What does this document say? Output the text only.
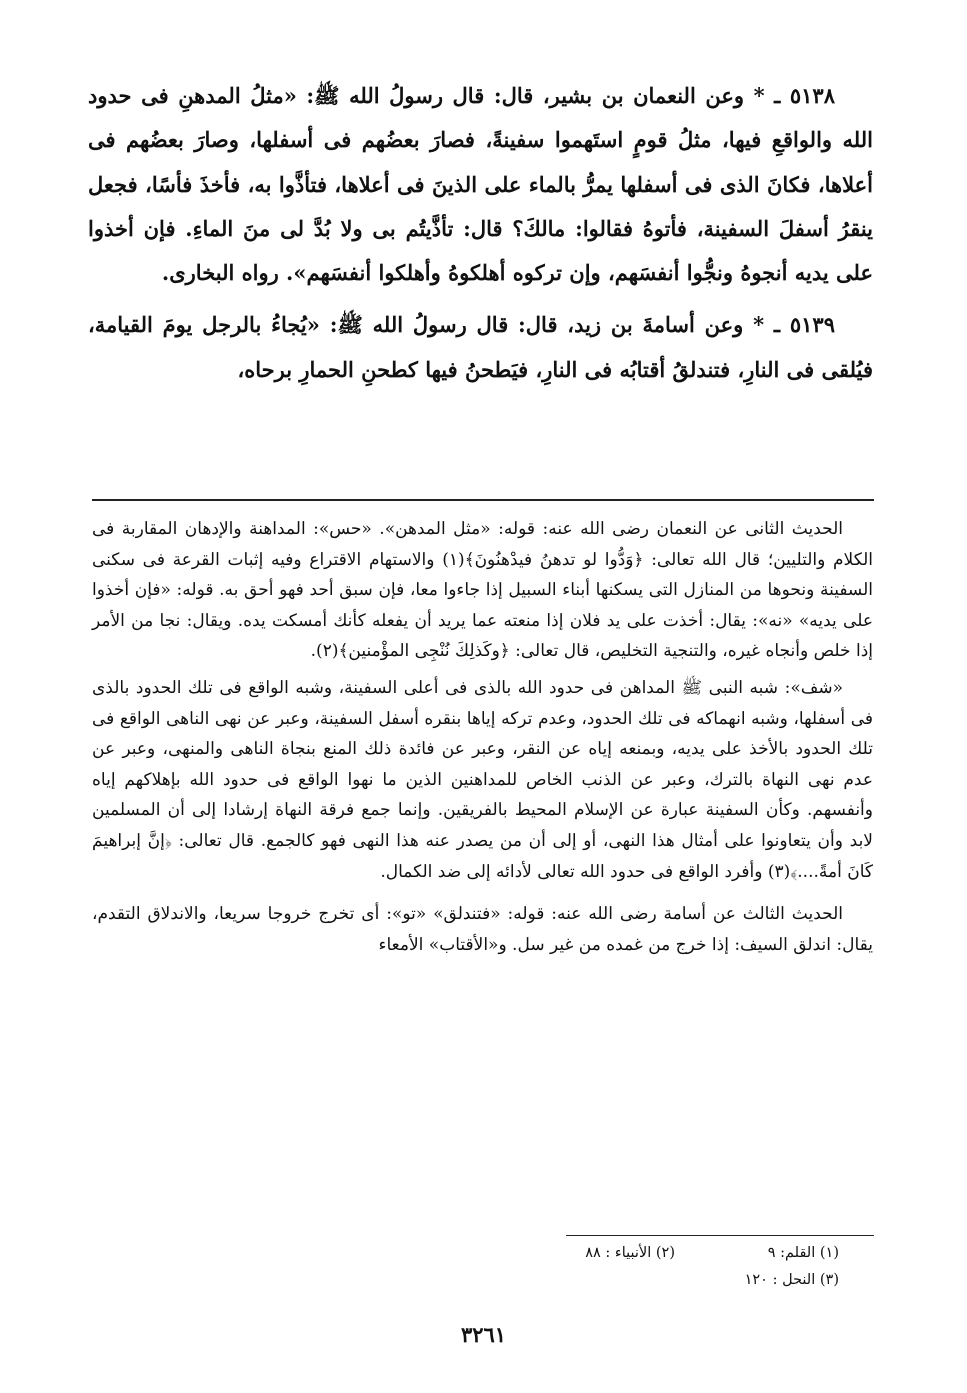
٥١٣٨ ـ * وعن النعمان بن بشير، قال: قال رسولُ الله ﷺ: «مثلُ المدهنِ فى حدود الله والواقعِ فيها، مثلُ قومٍ استَهموا سفينةً، فصارَ بعضُهم فى أسفلها، وصارَ بعضُهم فى أعلاها، فكانَ الذى فى أسفلها يمرُّ بالماء على الذينَ فى أعلاها، فتأذَّوا به، فأخذَ فأسًا، فجعل ينقرُ أسفلَ السفينة، فأتوهُ فقالوا: مالكَ؟ قال: تأذَّيتُم بى ولا بُدَّ لى منَ الماءِ. فإن أخذوا على يديه أنجوهُ ونجُّوا أنفسَهم، وإن تركوه أهلكوهُ وأهلكوا أنفسَهم». رواه البخارى.

٥١٣٩ ـ * وعن أسامةَ بن زيد، قال: قال رسولُ الله ﷺ: «يُجاءُ بالرجل يومَ القيامة، فيُلقى فى النارِ، فتندلقُ أقتابُه فى النارِ، فيَطحنُ فيها كطحنِ الحمارِ برحاه،

الحديث الثانى عن النعمان رضى الله عنه: قوله: «مثل المدهن». «حس»: المداهنة والإدهان المقاربة فى الكلام والتليين؛ قال الله تعالى: ﴿وَدُّوا لو تدهنُ فيدْهنُونَ﴾(١) والاستهام الاقتراع وفيه إثبات القرعة فى سكنى السفينة ونحوها من المنازل التى يسكنها أبناء السبيل إذا جاءوا معا، فإن سبق أحد فهو أحق به. قوله: «فإن أخذوا على يديه» «نه»: يقال: أخذت على يد فلان إذا منعته عما يريد أن يفعله كأنك أمسكت يده. ويقال: نجا من الأمر إذا خلص وأنجاه غيره، والتنجية التخليص، قال تعالى: ﴿وكَذلِكَ نُنْجِى المؤْمنين﴾(٢).

«شف»: شبه النبى ﷺ المداهن فى حدود الله بالذى فى أعلى السفينة، وشبه الواقع فى تلك الحدود بالذى فى أسفلها، وشبه انهماكه فى تلك الحدود، وعدم تركه إياها بنقره أسفل السفينة، وعبر عن نهى الناهى الواقع فى تلك الحدود بالأخذ على يديه، وبمنعه إياه عن النقر، وعبر عن فائدة ذلك المنع بنجاة الناهى والمنهى، وعبر عن عدم نهى النهاة بالترك، وعبر عن الذنب الخاص للمداهنين الذين ما نهوا الواقع فى حدود الله بإهلاكهم إياه وأنفسهم. وكأن السفينة عبارة عن الإسلام المحيط بالفريقين. وإنما جمع فرقة النهاة إرشادا إلى أن المسلمين لابد وأن يتعاونوا على أمثال هذا النهى، أو إلى أن من يصدر عنه هذا النهى فهو كالجمع. قال تعالى: ﴿إنَّ إبراهيمَ كَانَ أمةً....﴾(٣) وأفرد الواقع فى حدود الله تعالى لأدائه إلى ضد الكمال.

الحديث الثالث عن أسامة رضى الله عنه: قوله: «فتندلق» «تو»: أى تخرج خروجا سريعا، والاندلاق التقدم، يقال: اندلق السيف: إذا خرج من غمده من غير سل. و«الأقتاب» الأمعاء

(١) القلم: ٩
(٢) الأنبياء : ٨٨
(٣) النحل : ١٢٠
٣٢٦١
